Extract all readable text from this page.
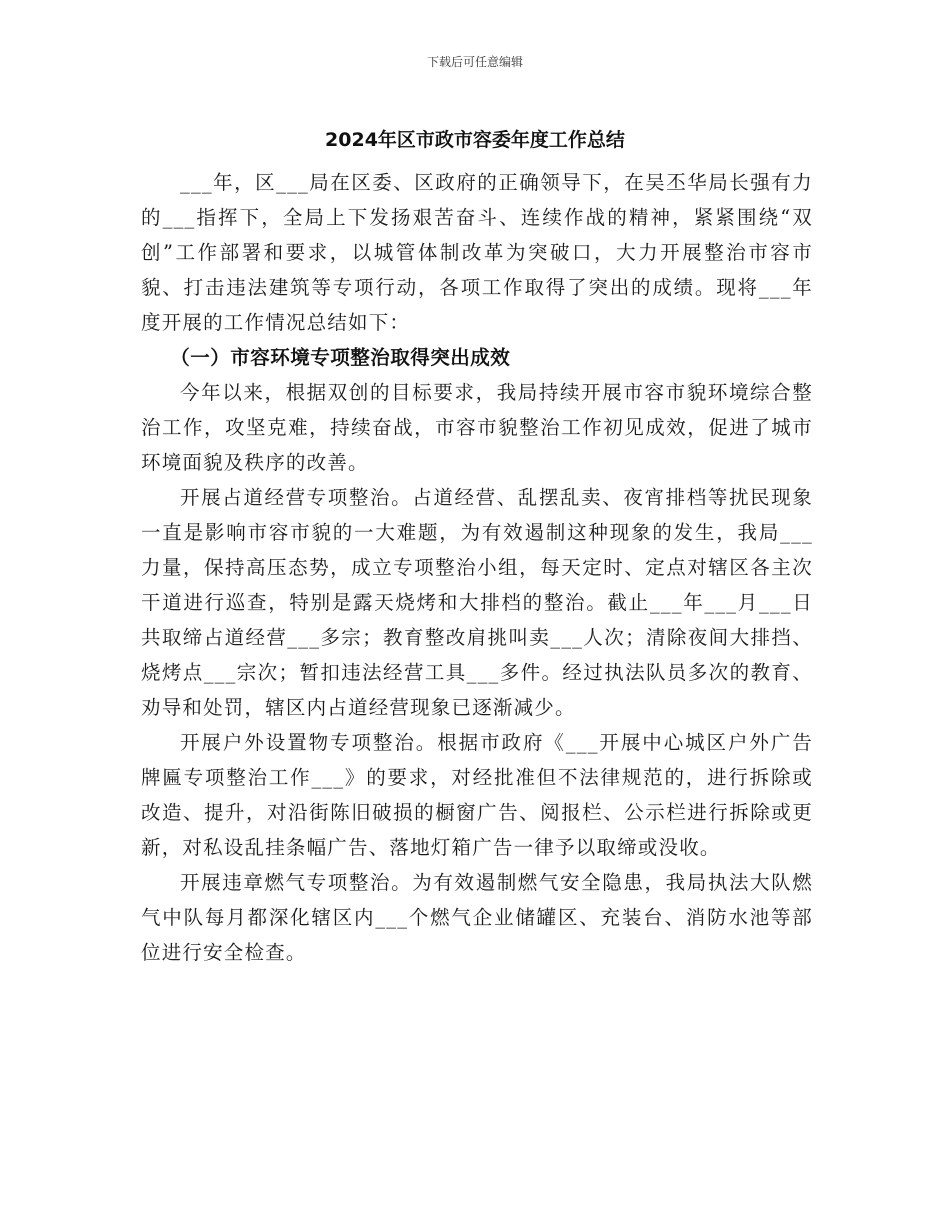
下载后可任意编辑
2024年区市政市容委年度工作总结

___年，区___局在区委、区政府的正确领导下，在吴丕华局长强有力的___指挥下，全局上下发扬艰苦奋斗、连续作战的精神，紧紧围绕“双创”工作部署和要求，以城管体制改革为突破口，大力开展整治市容市貌、打击违法建筑等专项行动，各项工作取得了突出的成绩。现将___年度开展的工作情况总结如下：

（一）市容环境专项整治取得突出成效

今年以来，根据双创的目标要求，我局持续开展市容市貌环境综合整治工作，攻坚克难，持续奋战，市容市貌整治工作初见成效，促进了城市环境面貌及秩序的改善。

开展占道经营专项整治。占道经营、乱摆乱卖、夜宵排档等扰民现象一直是影响市容市貌的一大难题，为有效遏制这种现象的发生，我局___力量，保持高压态势，成立专项整治小组，每天定时、定点对辖区各主次干道进行巡查，特别是露天烧烤和大排档的整治。截止___年___月___日共取缔占道经营___多宗；教育整改肩挑叫卖___人次；清除夜间大排挡、烧烤点___宗次；暂扣违法经营工具___多件。经过执法队员多次的教育、劝导和处罚，辖区内占道经营现象已逐渐减少。

开展户外设置物专项整治。根据市政府《___开展中心城区户外广告牌匾专项整治工作___》的要求，对经批准但不法律规范的，进行拆除或改造、提升，对沿街陈旧破损的橱窗广告、阅报栏、公示栏进行拆除或更新，对私设乱挂条幅广告、落地灯箱广告一律予以取缔或没收。

开展违章燃气专项整治。为有效遏制燃气安全隐患，我局执法大队燃气中队每月都深化辖区内___个燃气企业储罐区、充装台、消防水池等部位进行安全检查。
